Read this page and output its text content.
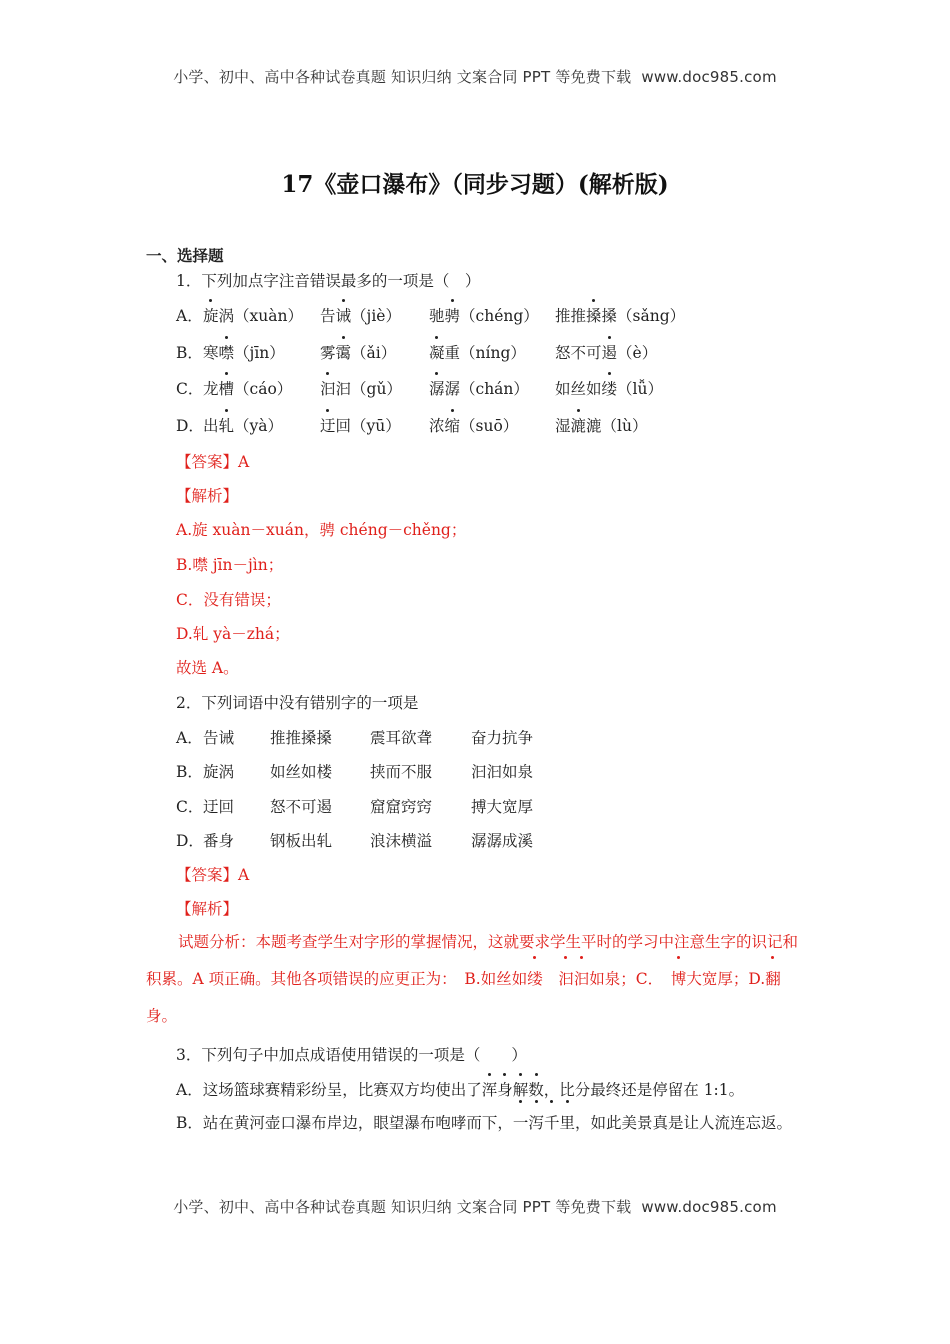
小学、初中、高中各种试卷真题 知识归纳 文案合同 PPT 等免费下载 www.doc985.com
17《壶口瀑布》（同步习题）(解析版)
一、选择题
1．下列加点字注音错误最多的一项是（　）
A． 旋涡（xuàn） 告诫（jiè） 驰骋（chéng） 推推搡搡（sǎng）
B． 寒噤（jīn） 雾霭（ǎi） 凝重（níng） 怒不可遏（è）
C． 龙槽（cáo） 汩汩（gǔ） 潺潺（chán） 如丝如缕（lǚ）
D． 出轧（yà） 迂回（yū） 浓缩（suō） 湿漉漉（lù）
【答案】A
【解析】
A.旋 xuàn－xuán，骋 chéng－chěng；
B.噤 jīn－jìn；
C．没有错误；
D.轧 yà－zhá；
故选 A。
2．下列词语中没有错别字的一项是
A． 告诫 推推搡搡 震耳欲聋	奋力抗争
B． 旋涡 如丝如楼 挟而不服	汩汩如泉
C． 迂回 怒不可遏 窟窟窍窍	搏大宽厚
D． 番身 钢板出轧 浪沫横溢	潺潺成溪
【答案】A
【解析】
试题分析：本题考查学生对字形的掌握情况，这就要求学生平时的学习中注意生字的识记和积累。A 项正确。其他各项错误的应更正为：　B.如丝如缕　 汩汩如泉；C．　博大宽厚；D.翻身。
3．下列句子中加点成语使用错误的一项是（　　）
A．这场篮球赛精彩纷呈，比赛双方均使出了浑身解数，比分最终还是停留在 1:1。
B．站在黄河壶口瀑布岸边，眼望瀑布咆哮而下，一泻千里，如此美景真是让人流连忘返。
小学、初中、高中各种试卷真题 知识归纳 文案合同 PPT 等免费下载 www.doc985.com
